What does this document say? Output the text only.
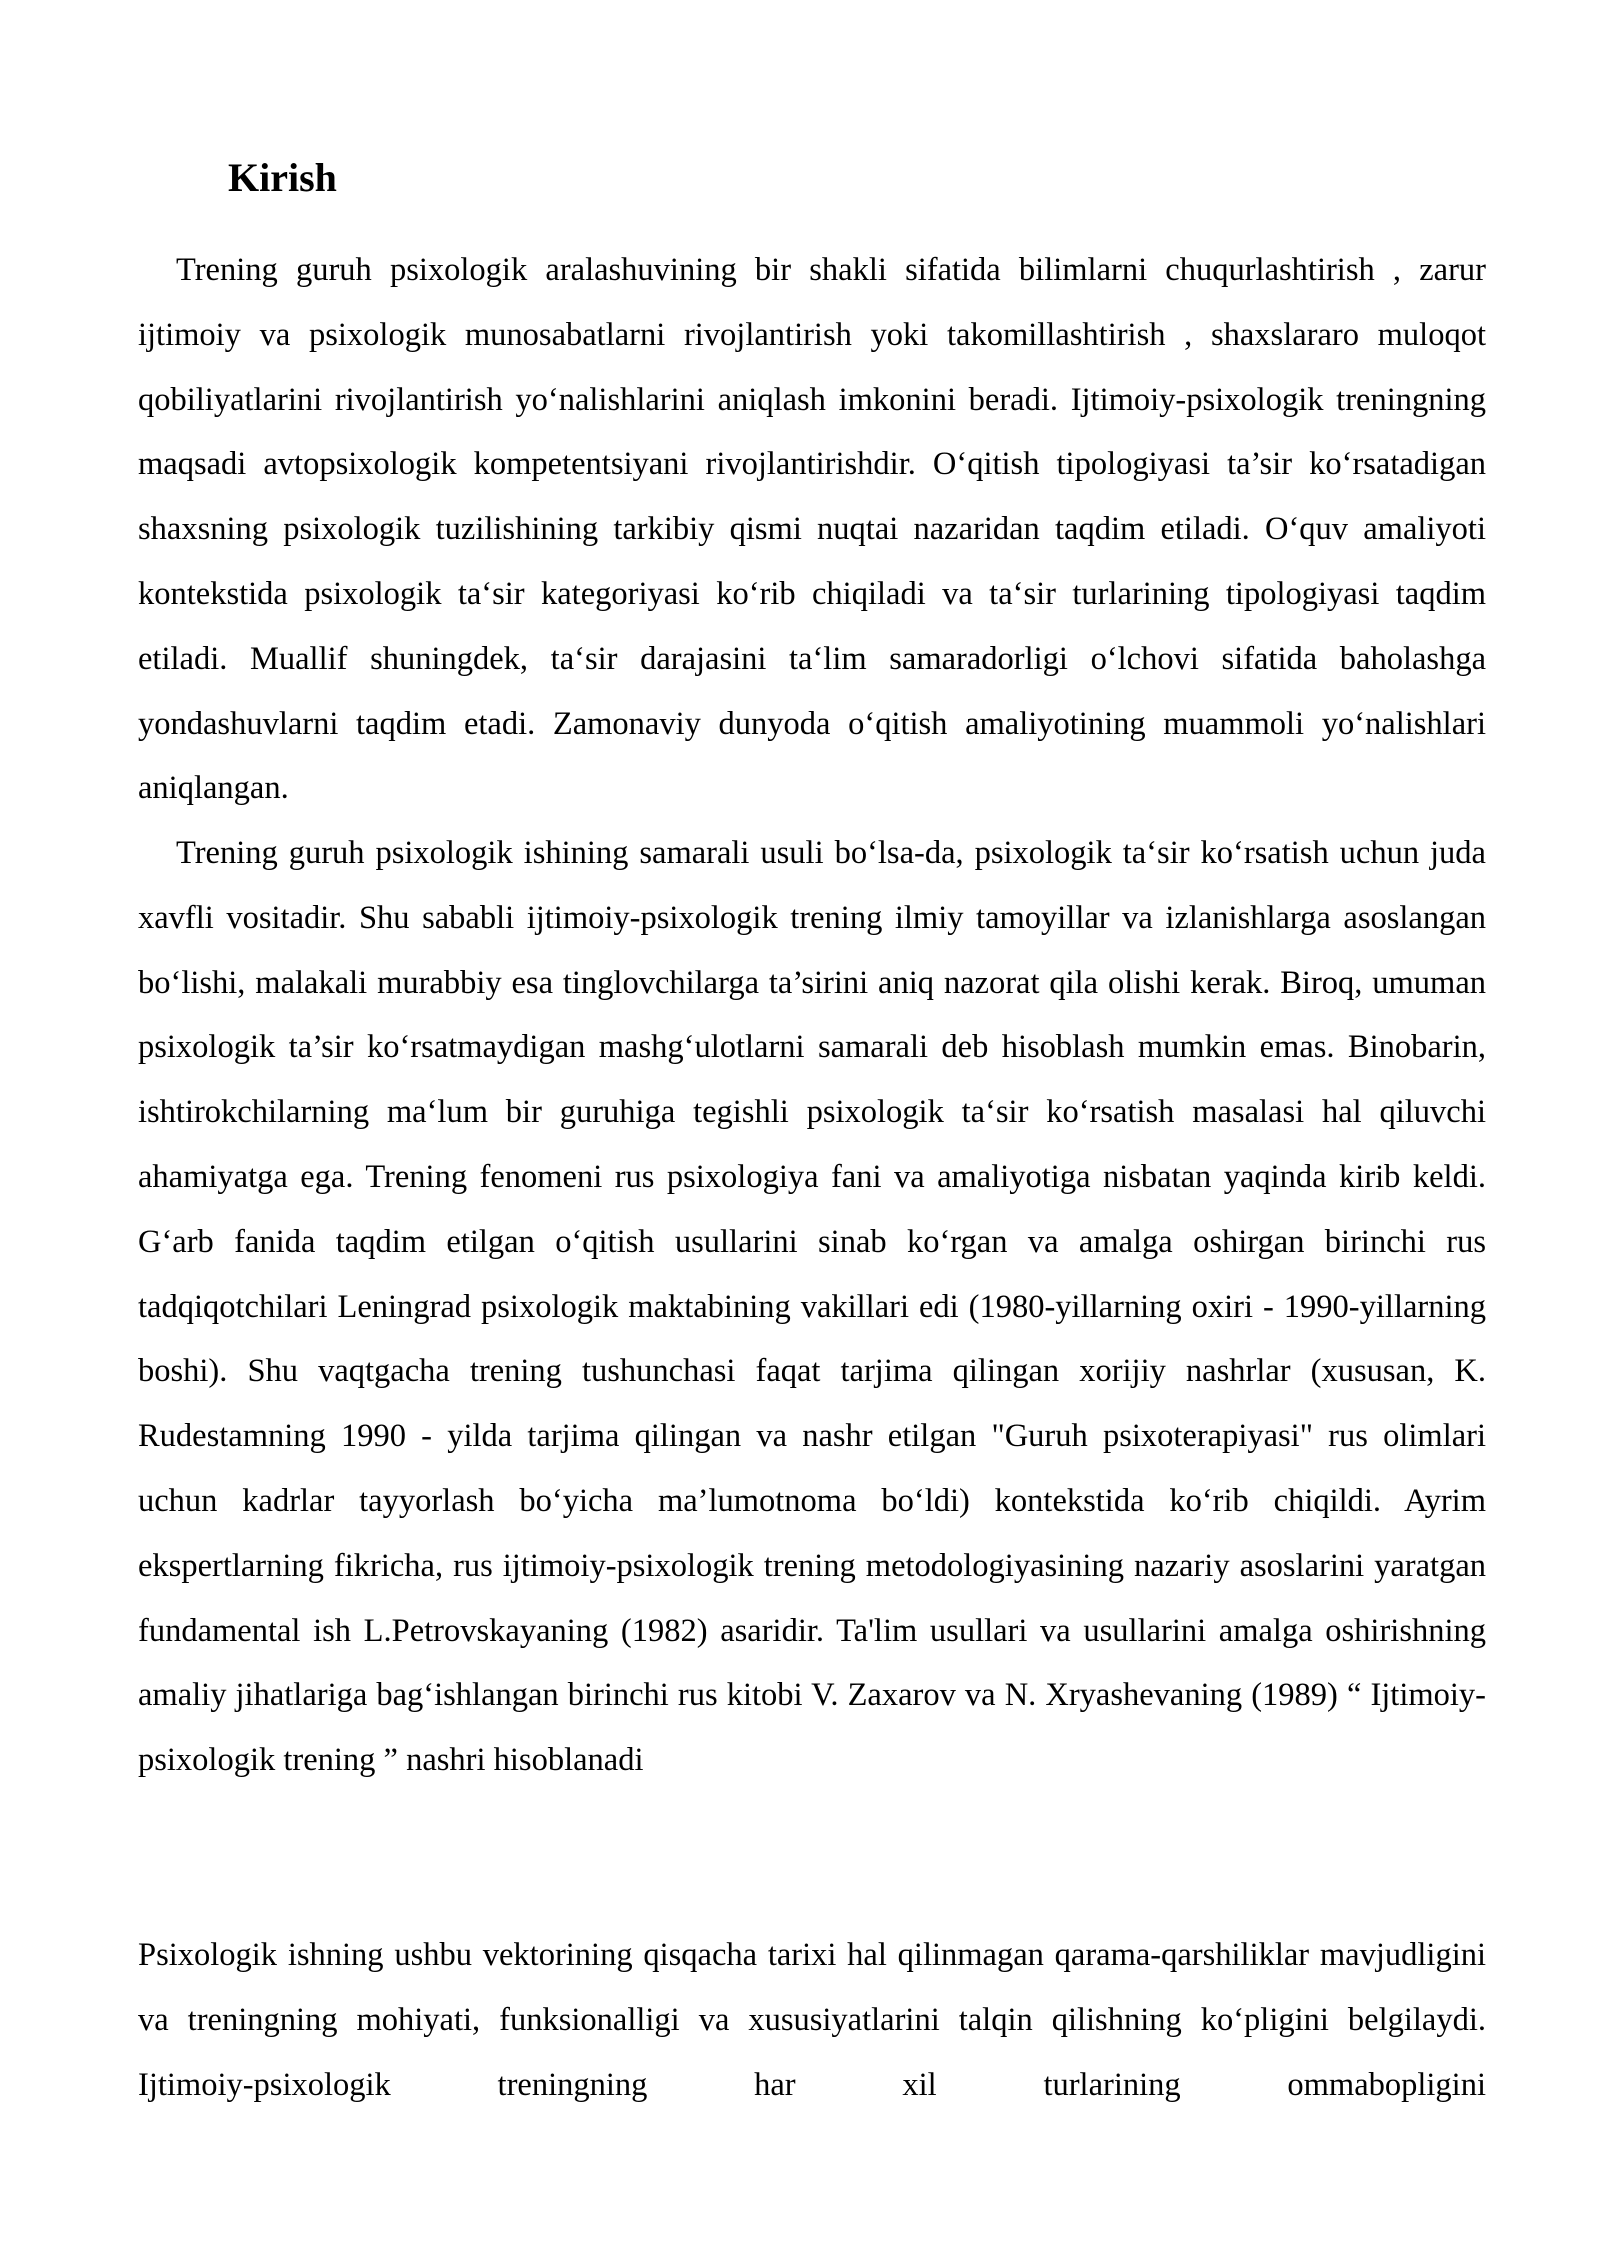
Kirish

Trening guruh psixologik aralashuvining bir shakli sifatida bilimlarni chuqurlashtirish , zarur ijtimoiy va psixologik munosabatlarni rivojlantirish yoki takomillashtirish , shaxslararo muloqot qobiliyatlarini rivojlantirish yo‘nalishlarini aniqlash imkonini beradi. Ijtimoiy-psixologik treningning maqsadi avtopsixologik kompetentsiyani rivojlantirishdir. O‘qitish tipologiyasi ta’sir ko‘rsatadigan shaxsning psixologik tuzilishining tarkibiy qismi nuqtai nazaridan taqdim etiladi. O‘quv amaliyoti kontekstida psixologik ta‘sir kategoriyasi ko‘rib chiqiladi va ta‘sir turlarining tipologiyasi taqdim etiladi. Muallif shuningdek, ta‘sir darajasini ta‘lim samaradorligi o‘lchovi sifatida baholashga yondashuvlarni taqdim etadi. Zamonaviy dunyoda o‘qitish amaliyotining muammoli yo‘nalishlari aniqlangan.

Trening guruh psixologik ishining samarali usuli bo‘lsa-da, psixologik ta‘sir ko‘rsatish uchun juda xavfli vositadir. Shu sababli ijtimoiy-psixologik trening ilmiy tamoyillar va izlanishlarga asoslangan bo‘lishi, malakali murabbiy esa tinglovchilarga ta’sirini aniq nazorat qila olishi kerak. Biroq, umuman psixologik ta’sir ko‘rsatmaydigan mashg‘ulotlarni samarali deb hisoblash mumkin emas. Binobarin, ishtirokchilarning ma‘lum bir guruhiga tegishli psixologik ta‘sir ko‘rsatish masalasi hal qiluvchi ahamiyatga ega. Trening fenomeni rus psixologiya fani va amaliyotiga nisbatan yaqinda kirib keldi. G‘arb fanida taqdim etilgan o‘qitish usullarini sinab ko‘rgan va amalga oshirgan birinchi rus tadqiqotchilari Leningrad psixologik maktabining vakillari edi (1980-yillarning oxiri - 1990-yillarning boshi). Shu vaqtgacha trening tushunchasi faqat tarjima qilingan xorijiy nashrlar (xususan, K. Rudestamning 1990 - yilda tarjima qilingan va nashr etilgan "Guruh psixoterapiyasi" rus olimlari uchun kadrlar tayyorlash bo‘yicha ma’lumotnoma bo‘ldi) kontekstida ko‘rib chiqildi. Ayrim ekspertlarning fikricha, rus ijtimoiy-psixologik trening metodologiyasining nazariy asoslarini yaratgan fundamental ish L.Petrovskayaning (1982) asaridir. Ta'lim usullari va usullarini amalga oshirishning amaliy jihatlariga bag‘ishlangan birinchi rus kitobi V. Zaxarov va N. Xryashevaning (1989) “ Ijtimoiy-psixologik trening ” nashri hisoblanadi

Psixologik ishning ushbu vektorining qisqacha tarixi hal qilinmagan qarama-qarshiliklar mavjudligini va treningning mohiyati, funksionalligi va xususiyatlarini talqin qilishning ko‘pligini belgilaydi. Ijtimoiy-psixologik treningning har xil turlarining ommabopligini
